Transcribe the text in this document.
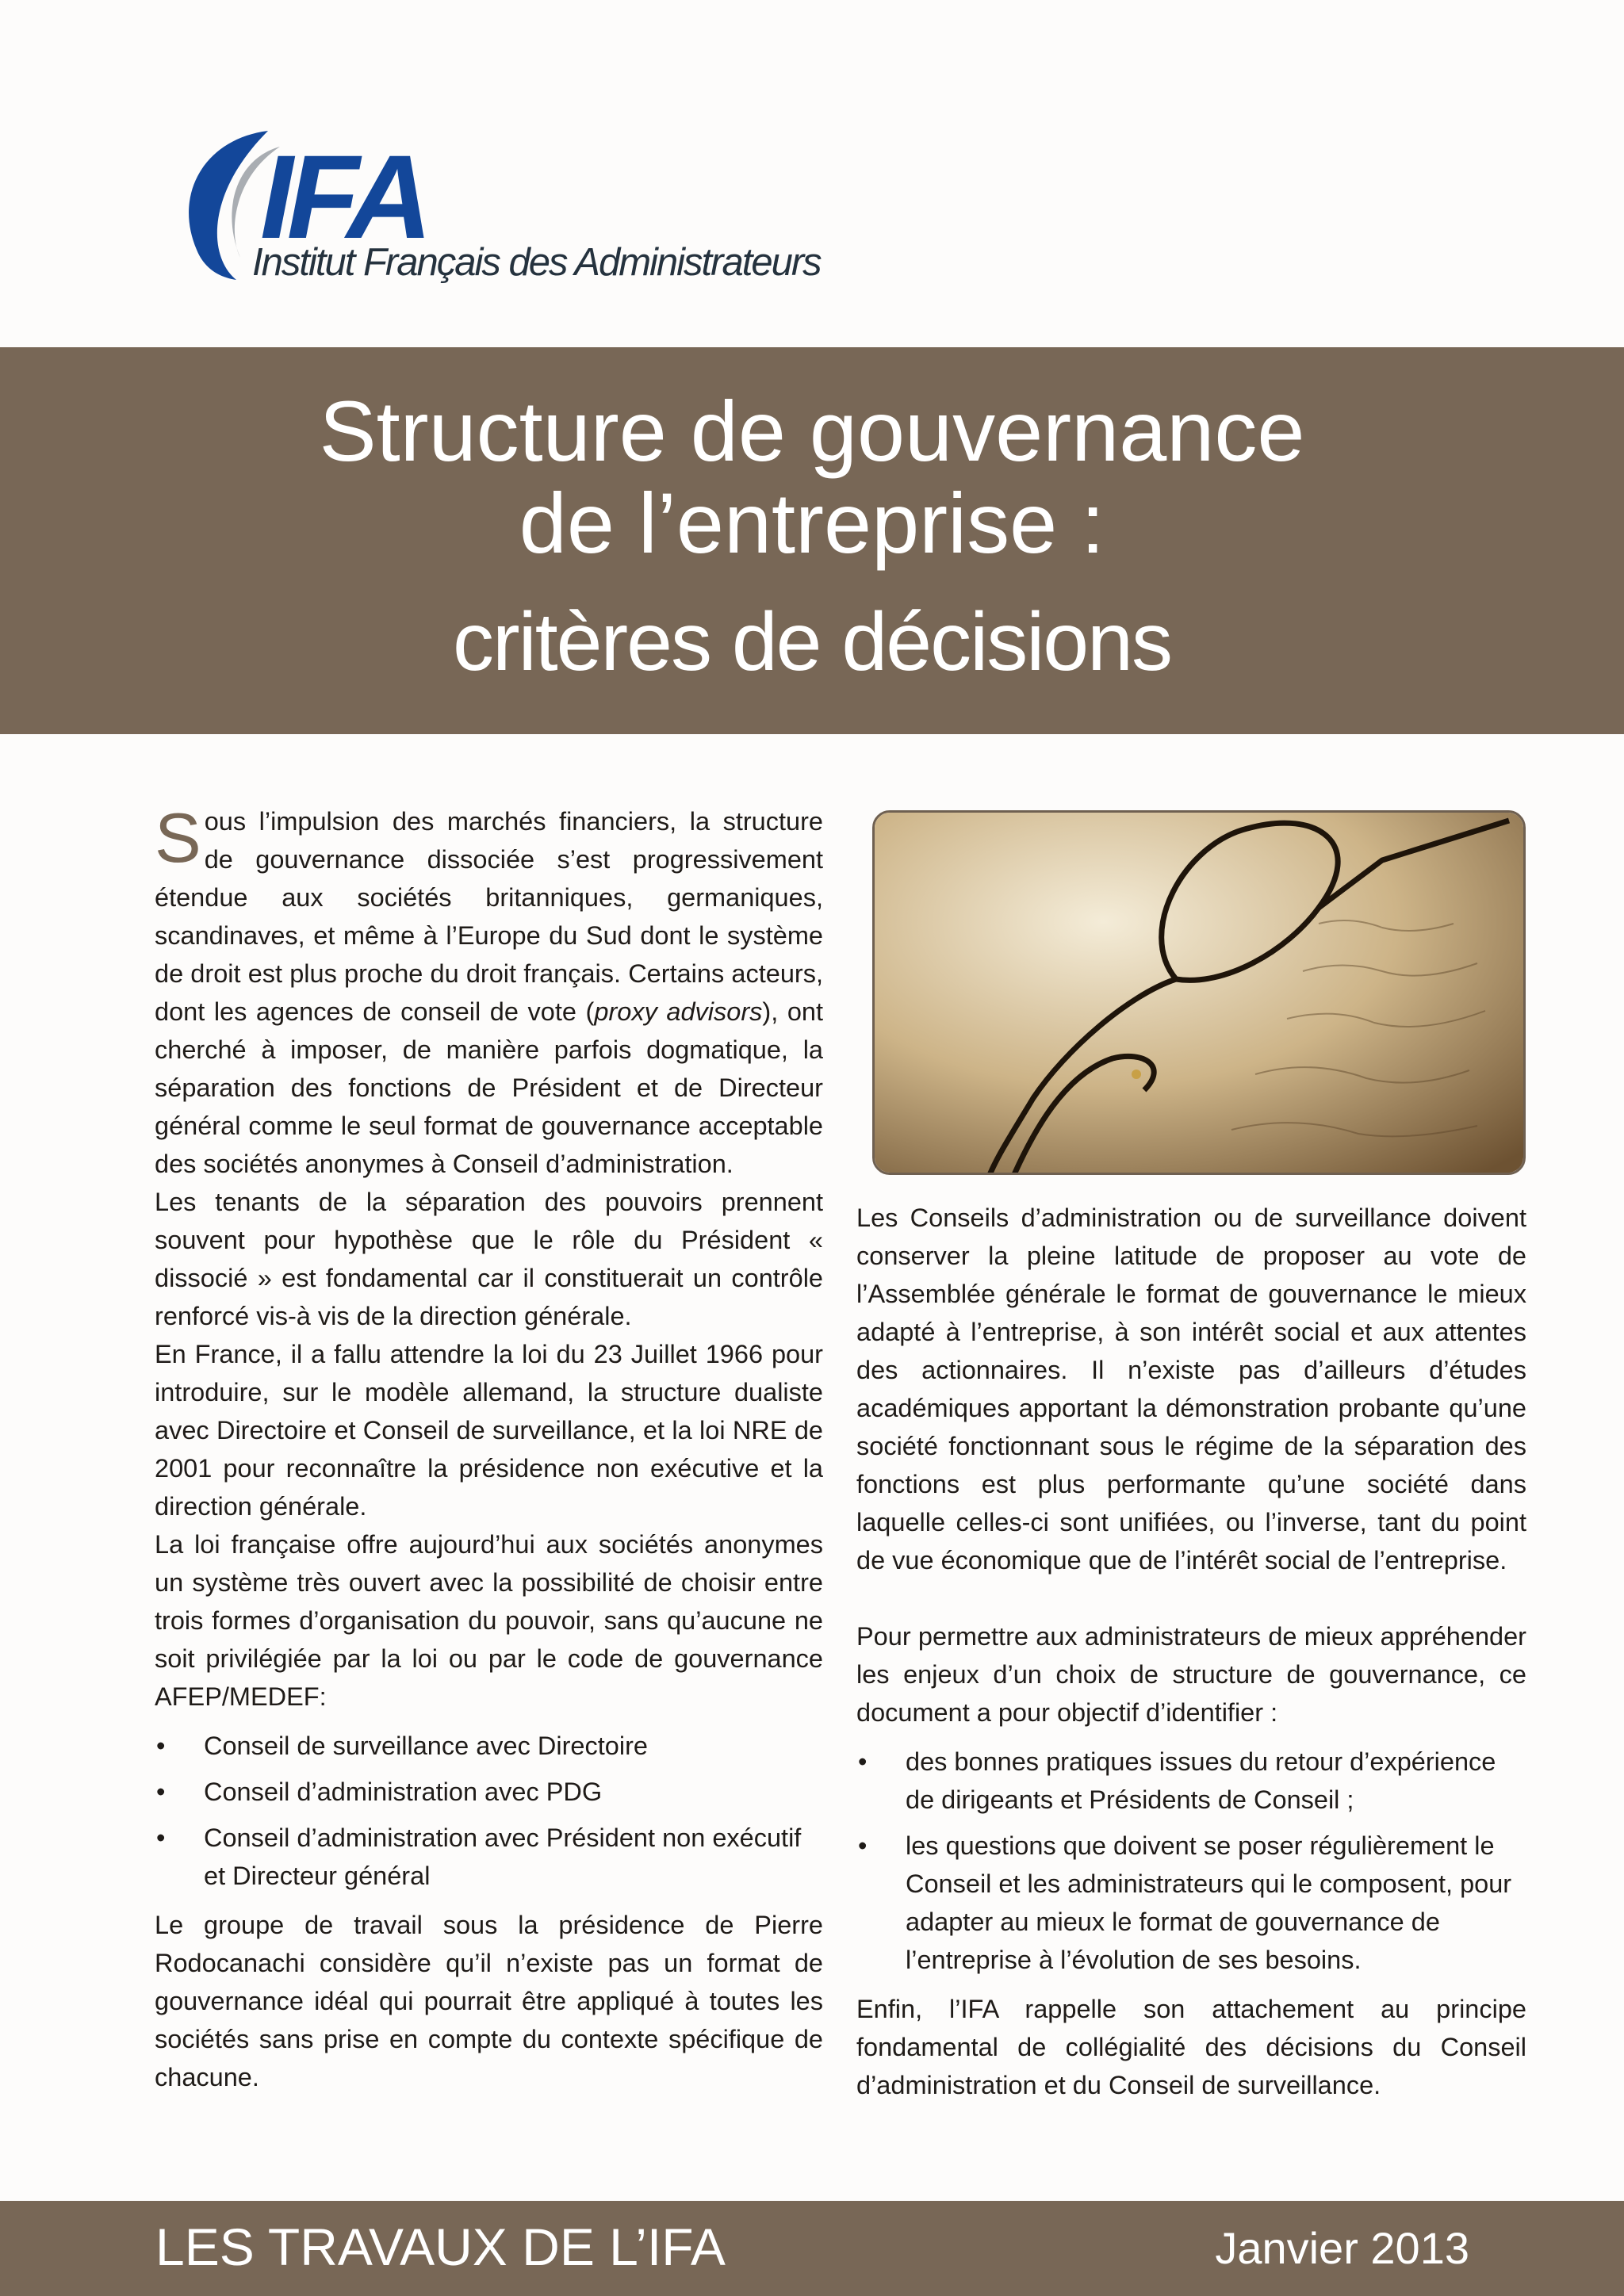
IFA
Institut Français des Administrateurs
Structure de gouvernance
de l’entreprise :
critères de décisions

Sous l’impulsion des marchés financiers, la structure de gouvernance dissociée s’est progressivement étendue aux sociétés britanniques, germaniques, scandinaves, et même à l’Europe du Sud dont le système de droit est plus proche du droit français. Certains acteurs, dont les agences de conseil de vote (proxy advisors), ont cherché à imposer, de manière parfois dogmatique, la séparation des fonctions de Président et de Directeur général comme le seul format de gouvernance acceptable des sociétés anonymes à Conseil d’administration.

Les tenants de la séparation des pouvoirs prennent souvent pour hypothèse que le rôle du Président « dissocié » est fondamental car il constituerait un contrôle renforcé vis-à vis de la direction générale.

En France, il a fallu attendre la loi du 23 Juillet 1966 pour introduire, sur le modèle allemand, la structure dualiste avec Directoire et Conseil de surveillance, et la loi NRE de 2001 pour reconnaître la présidence non exécutive et la direction générale.

La loi française offre aujourd’hui aux sociétés anonymes un système très ouvert avec la possibilité de choisir entre trois formes d’organisation du pouvoir, sans qu’aucune ne soit privilégiée par la loi ou par le code de gouvernance AFEP/MEDEF:

• Conseil de surveillance avec Directoire
• Conseil d’administration avec PDG
• Conseil d’administration avec Président non exécutif et Directeur général

Le groupe de travail sous la présidence de Pierre Rodocanachi considère qu’il n’existe pas un format de gouvernance idéal qui pourrait être appliqué à toutes les sociétés sans prise en compte du contexte spécifique de chacune.

Les Conseils d’administration ou de surveillance doivent conserver la pleine latitude de proposer au vote de l’Assemblée générale le format de gouvernance le mieux adapté à l’entreprise, à son intérêt social et aux attentes des actionnaires. Il n’existe pas d’ailleurs d’études académiques apportant la démonstration probante qu’une société fonctionnant sous le régime de la séparation des fonctions est plus performante qu’une société dans laquelle celles-ci sont unifiées, ou l’inverse, tant du point de vue économique que de l’intérêt social de l’entreprise.

Pour permettre aux administrateurs de mieux appréhender les enjeux d’un choix de structure de gouvernance, ce document a pour objectif d’identifier :

• des bonnes pratiques issues du retour d’expérience de dirigeants et Présidents de Conseil ;
• les questions que doivent se poser régulièrement le Conseil et les administrateurs qui le composent, pour adapter au mieux le format de gouvernance de l’entreprise à l’évolution de ses besoins.

Enfin, l’IFA rappelle son attachement au principe fondamental de collégialité des décisions du Conseil d’administration et du Conseil de surveillance.

LES TRAVAUX DE L’IFA	Janvier 2013
